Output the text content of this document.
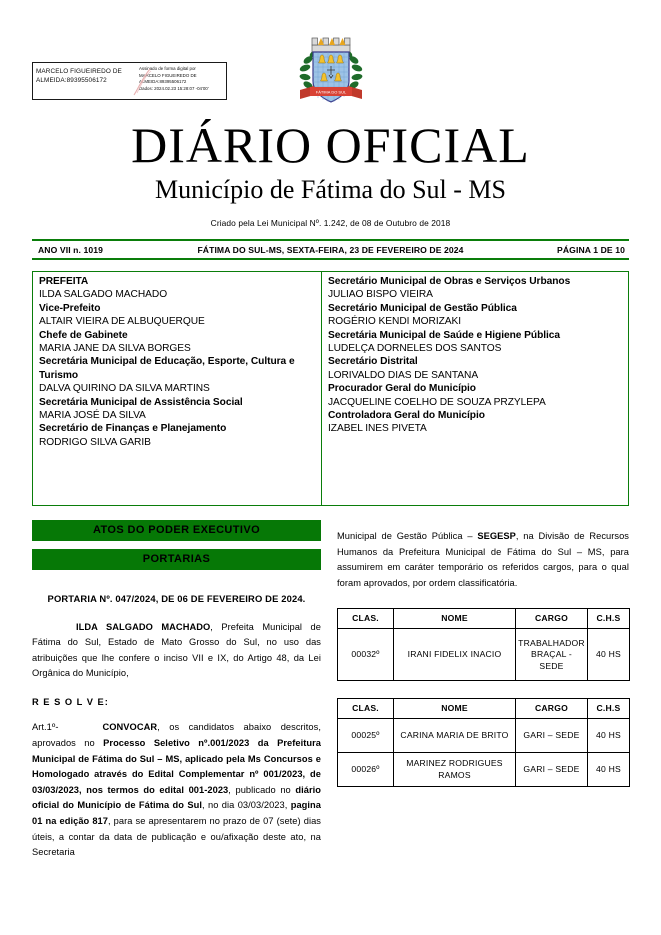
MARCELO FIGUEIREDO DE
ALMEIDA:89395506172
Assinado de forma digital por
MARCELO FIGUEIREDO DE
ALMEIDA:89395506172
Dados: 2024.02.23 15:28:07 -04'00'
FÁTIMA DO SUL
DIÁRIO OFICIAL
Município de Fátima do Sul - MS
Criado pela Lei Municipal Nº. 1.242, de 08 de Outubro de 2018
ANO VII n. 1019	FÁTIMA DO SUL-MS, SEXTA-FEIRA, 23 DE FEVEREIRO DE 2024	PÁGINA 1 DE 10
PREFEITA
ILDA SALGADO MACHADO
Vice-Prefeito
ALTAIR VIEIRA DE ALBUQUERQUE
Chefe de Gabinete
MARIA JANE DA SILVA BORGES
Secretária Municipal de Educação, Esporte, Cultura e Turismo
DALVA QUIRINO DA SILVA MARTINS
Secretária Municipal de Assistência Social
MARIA JOSÉ DA SILVA
Secretário de Finanças e Planejamento
RODRIGO SILVA GARIB
Secretário Municipal de Obras e Serviços Urbanos
JULIAO BISPO VIEIRA
Secretário Municipal de Gestão Pública
ROGÉRIO KENDI MORIZAKI
Secretária Municipal de Saúde e Higiene Pública
LUDELÇA DORNELES DOS SANTOS
Secretário Distrital
LORIVALDO DIAS DE SANTANA
Procurador Geral do Município
JACQUELINE COELHO DE SOUZA PRZYLEPA
Controladora Geral do Município
IZABEL INES PIVETA
ATOS DO PODER EXECUTIVO
PORTARIAS
PORTARIA Nº. 047/2024, DE 06 DE FEVEREIRO DE 2024.
ILDA SALGADO MACHADO, Prefeita Municipal de Fátima do Sul, Estado de Mato Grosso do Sul, no uso das atribuições que lhe confere o inciso VII e IX, do Artigo 48, da Lei Orgânica do Município,
R E S O L V E:
Art.1º-	CONVOCAR, os candidatos abaixo descritos, aprovados no Processo Seletivo nº.001/2023 da Prefeitura Municipal de Fátima do Sul – MS, aplicado pela Ms Concursos e Homologado através do Edital Complementar nº 001/2023, de 03/03/2023, nos termos do edital 001-2023, publicado no diário oficial do Município de Fátima do Sul, no dia 03/03/2023, pagina 01 na edição 817, para se apresentarem no prazo de 07 (sete) dias úteis, a contar da data de publicação e ou/afixação deste ato, na Secretaria
Municipal de Gestão Pública – SEGESP, na Divisão de Recursos Humanos da Prefeitura Municipal de Fátima do Sul – MS, para assumirem em caráter temporário os referidos cargos, para o qual foram aprovados, por ordem classificatória.
CLAS.	NOME	CARGO	C.H.S
00032º	IRANI FIDELIX INACIO	TRABALHADOR BRAÇAL - SEDE	40 HS
CLAS.	NOME	CARGO	C.H.S
00025º	CARINA MARIA DE BRITO	GARI – SEDE	40 HS
00026º	MARINEZ RODRIGUES RAMOS	GARI – SEDE	40 HS
